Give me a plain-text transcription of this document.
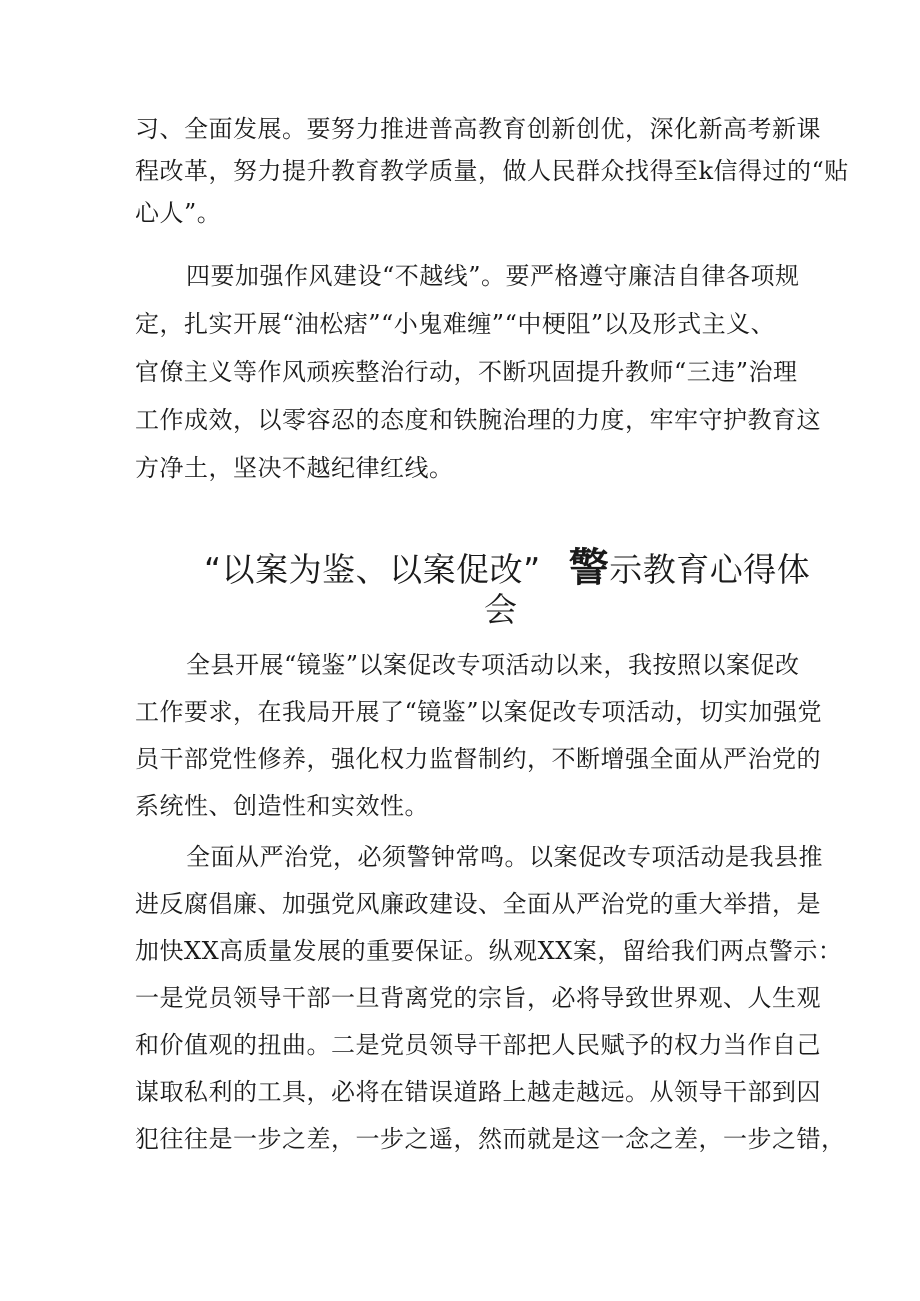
习、全面发展。要努力推进普高教育创新创优，深化新高考新课
程改革，努力提升教育教学质量，做人民群众找得至k信得过的“贴
心人”。
四要加强作风建设“不越线”。要严格遵守廉洁自律各项规
定，扎实开展“油松痞”“小鬼难缠”“中梗阻”以及形式主义、
官僚主义等作风顽疾整治行动，不断巩固提升教师“三违”治理
工作成效，以零容忍的态度和铁腕治理的力度，牢牢守护教育这
方净土，坚决不越纪律红线。
“以案为鉴、以案促改” 警示教育心得体
会
全县开展“镜鉴”以案促改专项活动以来，我按照以案促改
工作要求，在我局开展了“镜鉴”以案促改专项活动，切实加强党
员干部党性修养，强化权力监督制约，不断增强全面从严治党的
系统性、创造性和实效性。
全面从严治党，必须警钟常鸣。以案促改专项活动是我县推
进反腐倡廉、加强党风廉政建设、全面从严治党的重大举措，是
加快XX高质量发展的重要保证。纵观XX案，留给我们两点警示：
一是党员领导干部一旦背离党的宗旨，必将导致世界观、人生观
和价值观的扭曲。二是党员领导干部把人民赋予的权力当作自己
谋取私利的工具，必将在错误道路上越走越远。从领导干部到囚
犯往往是一步之差，一步之遥，然而就是这一念之差，一步之错，
